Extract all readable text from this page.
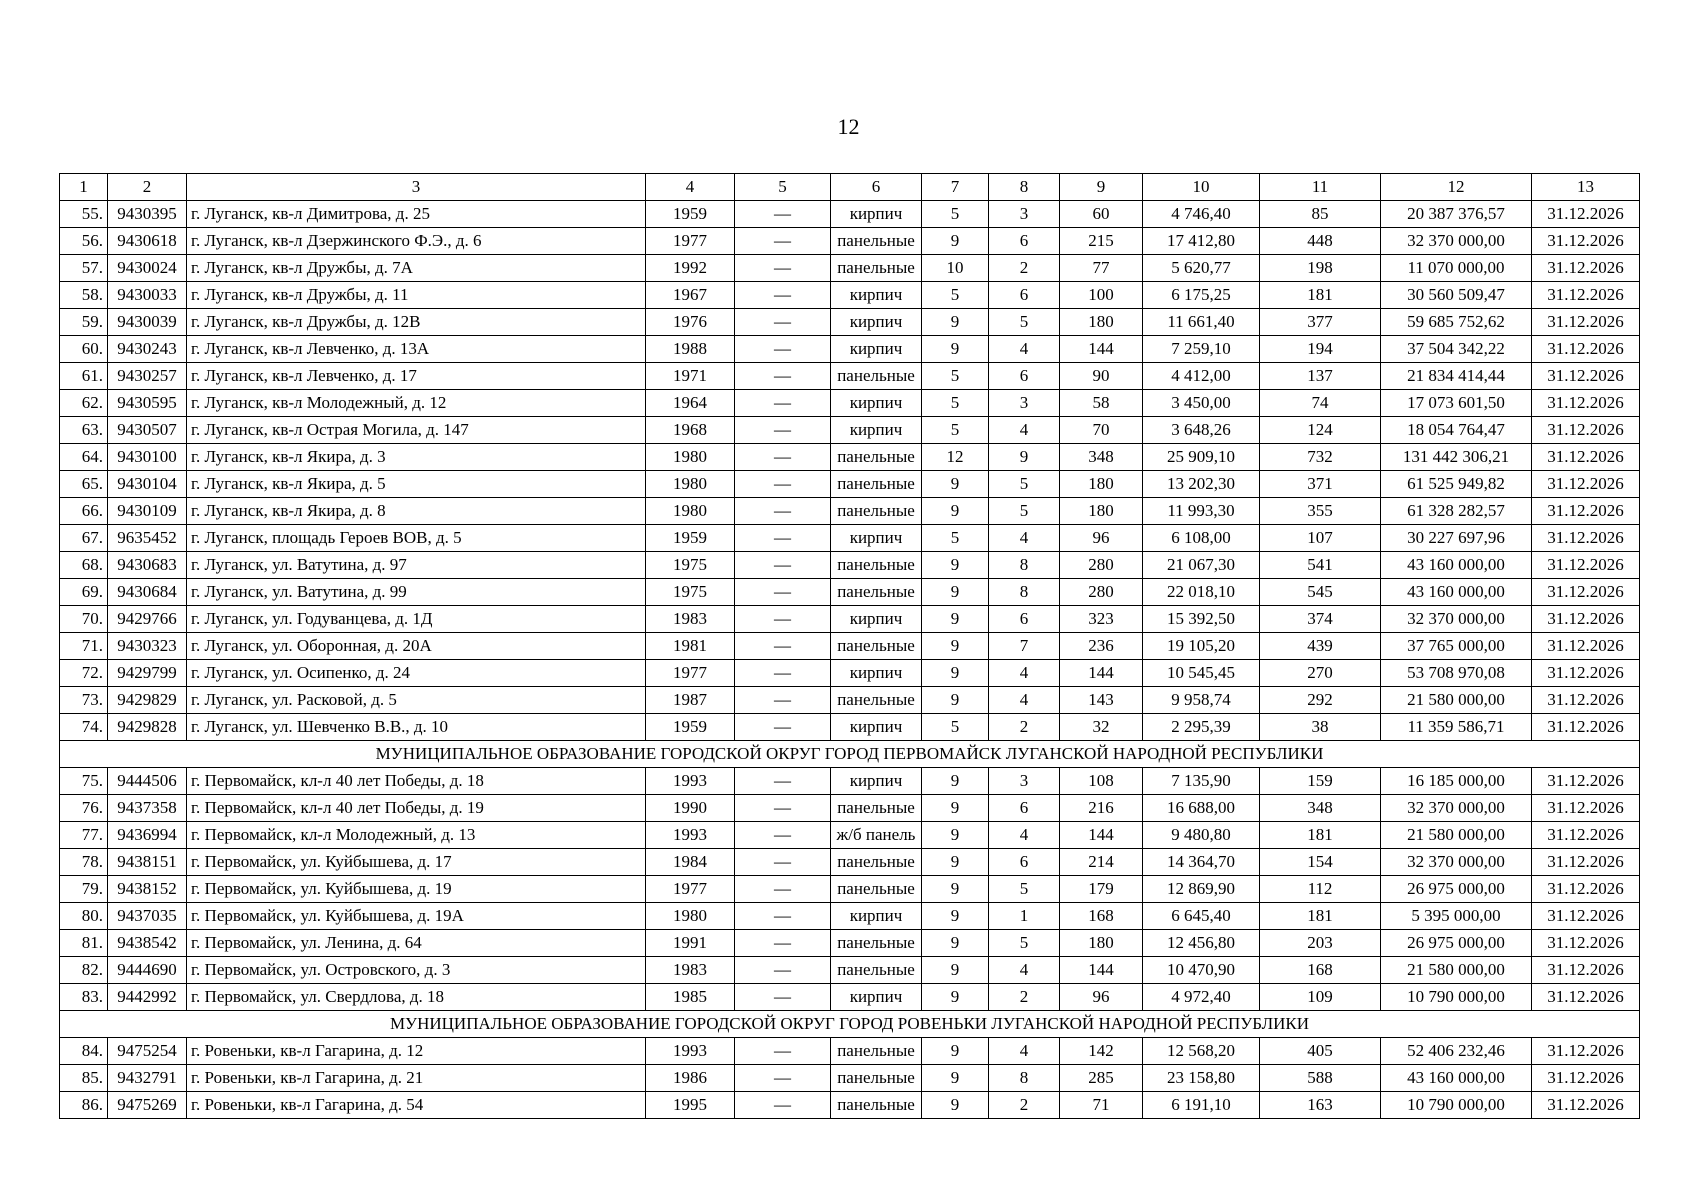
12
1	2	3	4	5	6	7	8	9	10	11	12	13
55.	9430395	г. Луганск, кв-л Димитрова, д. 25	1959	—	кирпич	5	3	60	4 746,40	85	20 387 376,57	31.12.2026
56.	9430618	г. Луганск, кв-л Дзержинского Ф.Э., д. 6	1977	—	панельные	9	6	215	17 412,80	448	32 370 000,00	31.12.2026
57.	9430024	г. Луганск, кв-л Дружбы, д. 7А	1992	—	панельные	10	2	77	5 620,77	198	11 070 000,00	31.12.2026
58.	9430033	г. Луганск, кв-л Дружбы, д. 11	1967	—	кирпич	5	6	100	6 175,25	181	30 560 509,47	31.12.2026
59.	9430039	г. Луганск, кв-л Дружбы, д. 12В	1976	—	кирпич	9	5	180	11 661,40	377	59 685 752,62	31.12.2026
60.	9430243	г. Луганск, кв-л Левченко, д. 13А	1988	—	кирпич	9	4	144	7 259,10	194	37 504 342,22	31.12.2026
61.	9430257	г. Луганск, кв-л Левченко, д. 17	1971	—	панельные	5	6	90	4 412,00	137	21 834 414,44	31.12.2026
62.	9430595	г. Луганск, кв-л Молодежный, д. 12	1964	—	кирпич	5	3	58	3 450,00	74	17 073 601,50	31.12.2026
63.	9430507	г. Луганск, кв-л Острая Могила, д. 147	1968	—	кирпич	5	4	70	3 648,26	124	18 054 764,47	31.12.2026
64.	9430100	г. Луганск, кв-л Якира, д. 3	1980	—	панельные	12	9	348	25 909,10	732	131 442 306,21	31.12.2026
65.	9430104	г. Луганск, кв-л Якира, д. 5	1980	—	панельные	9	5	180	13 202,30	371	61 525 949,82	31.12.2026
66.	9430109	г. Луганск, кв-л Якира, д. 8	1980	—	панельные	9	5	180	11 993,30	355	61 328 282,57	31.12.2026
67.	9635452	г. Луганск, площадь Героев ВОВ, д. 5	1959	—	кирпич	5	4	96	6 108,00	107	30 227 697,96	31.12.2026
68.	9430683	г. Луганск, ул. Ватутина, д. 97	1975	—	панельные	9	8	280	21 067,30	541	43 160 000,00	31.12.2026
69.	9430684	г. Луганск, ул. Ватутина, д. 99	1975	—	панельные	9	8	280	22 018,10	545	43 160 000,00	31.12.2026
70.	9429766	г. Луганск, ул. Годуванцева, д. 1Д	1983	—	кирпич	9	6	323	15 392,50	374	32 370 000,00	31.12.2026
71.	9430323	г. Луганск, ул. Оборонная, д. 20А	1981	—	панельные	9	7	236	19 105,20	439	37 765 000,00	31.12.2026
72.	9429799	г. Луганск, ул. Осипенко, д. 24	1977	—	кирпич	9	4	144	10 545,45	270	53 708 970,08	31.12.2026
73.	9429829	г. Луганск, ул. Расковой, д. 5	1987	—	панельные	9	4	143	9 958,74	292	21 580 000,00	31.12.2026
74.	9429828	г. Луганск, ул. Шевченко В.В., д. 10	1959	—	кирпич	5	2	32	2 295,39	38	11 359 586,71	31.12.2026
МУНИЦИПАЛЬНОЕ ОБРАЗОВАНИЕ ГОРОДСКОЙ ОКРУГ ГОРОД ПЕРВОМАЙСК ЛУГАНСКОЙ НАРОДНОЙ РЕСПУБЛИКИ												
75.	9444506	г. Первомайск, кл-л 40 лет Победы, д. 18	1993	—	кирпич	9	3	108	7 135,90	159	16 185 000,00	31.12.2026
76.	9437358	г. Первомайск, кл-л 40 лет Победы, д. 19	1990	—	панельные	9	6	216	16 688,00	348	32 370 000,00	31.12.2026
77.	9436994	г. Первомайск, кл-л Молодежный, д. 13	1993	—	ж/б панель	9	4	144	9 480,80	181	21 580 000,00	31.12.2026
78.	9438151	г. Первомайск, ул. Куйбышева, д. 17	1984	—	панельные	9	6	214	14 364,70	154	32 370 000,00	31.12.2026
79.	9438152	г. Первомайск, ул. Куйбышева, д. 19	1977	—	панельные	9	5	179	12 869,90	112	26 975 000,00	31.12.2026
80.	9437035	г. Первомайск, ул. Куйбышева, д. 19А	1980	—	кирпич	9	1	168	6 645,40	181	5 395 000,00	31.12.2026
81.	9438542	г. Первомайск, ул. Ленина, д. 64	1991	—	панельные	9	5	180	12 456,80	203	26 975 000,00	31.12.2026
82.	9444690	г. Первомайск, ул. Островского, д. 3	1983	—	панельные	9	4	144	10 470,90	168	21 580 000,00	31.12.2026
83.	9442992	г. Первомайск, ул. Свердлова, д. 18	1985	—	кирпич	9	2	96	4 972,40	109	10 790 000,00	31.12.2026
МУНИЦИПАЛЬНОЕ ОБРАЗОВАНИЕ ГОРОДСКОЙ ОКРУГ ГОРОД РОВЕНЬКИ ЛУГАНСКОЙ НАРОДНОЙ РЕСПУБЛИКИ												
84.	9475254	г. Ровеньки, кв-л Гагарина, д. 12	1993	—	панельные	9	4	142	12 568,20	405	52 406 232,46	31.12.2026
85.	9432791	г. Ровеньки, кв-л Гагарина, д. 21	1986	—	панельные	9	8	285	23 158,80	588	43 160 000,00	31.12.2026
86.	9475269	г. Ровеньки, кв-л Гагарина, д. 54	1995	—	панельные	9	2	71	6 191,10	163	10 790 000,00	31.12.2026
